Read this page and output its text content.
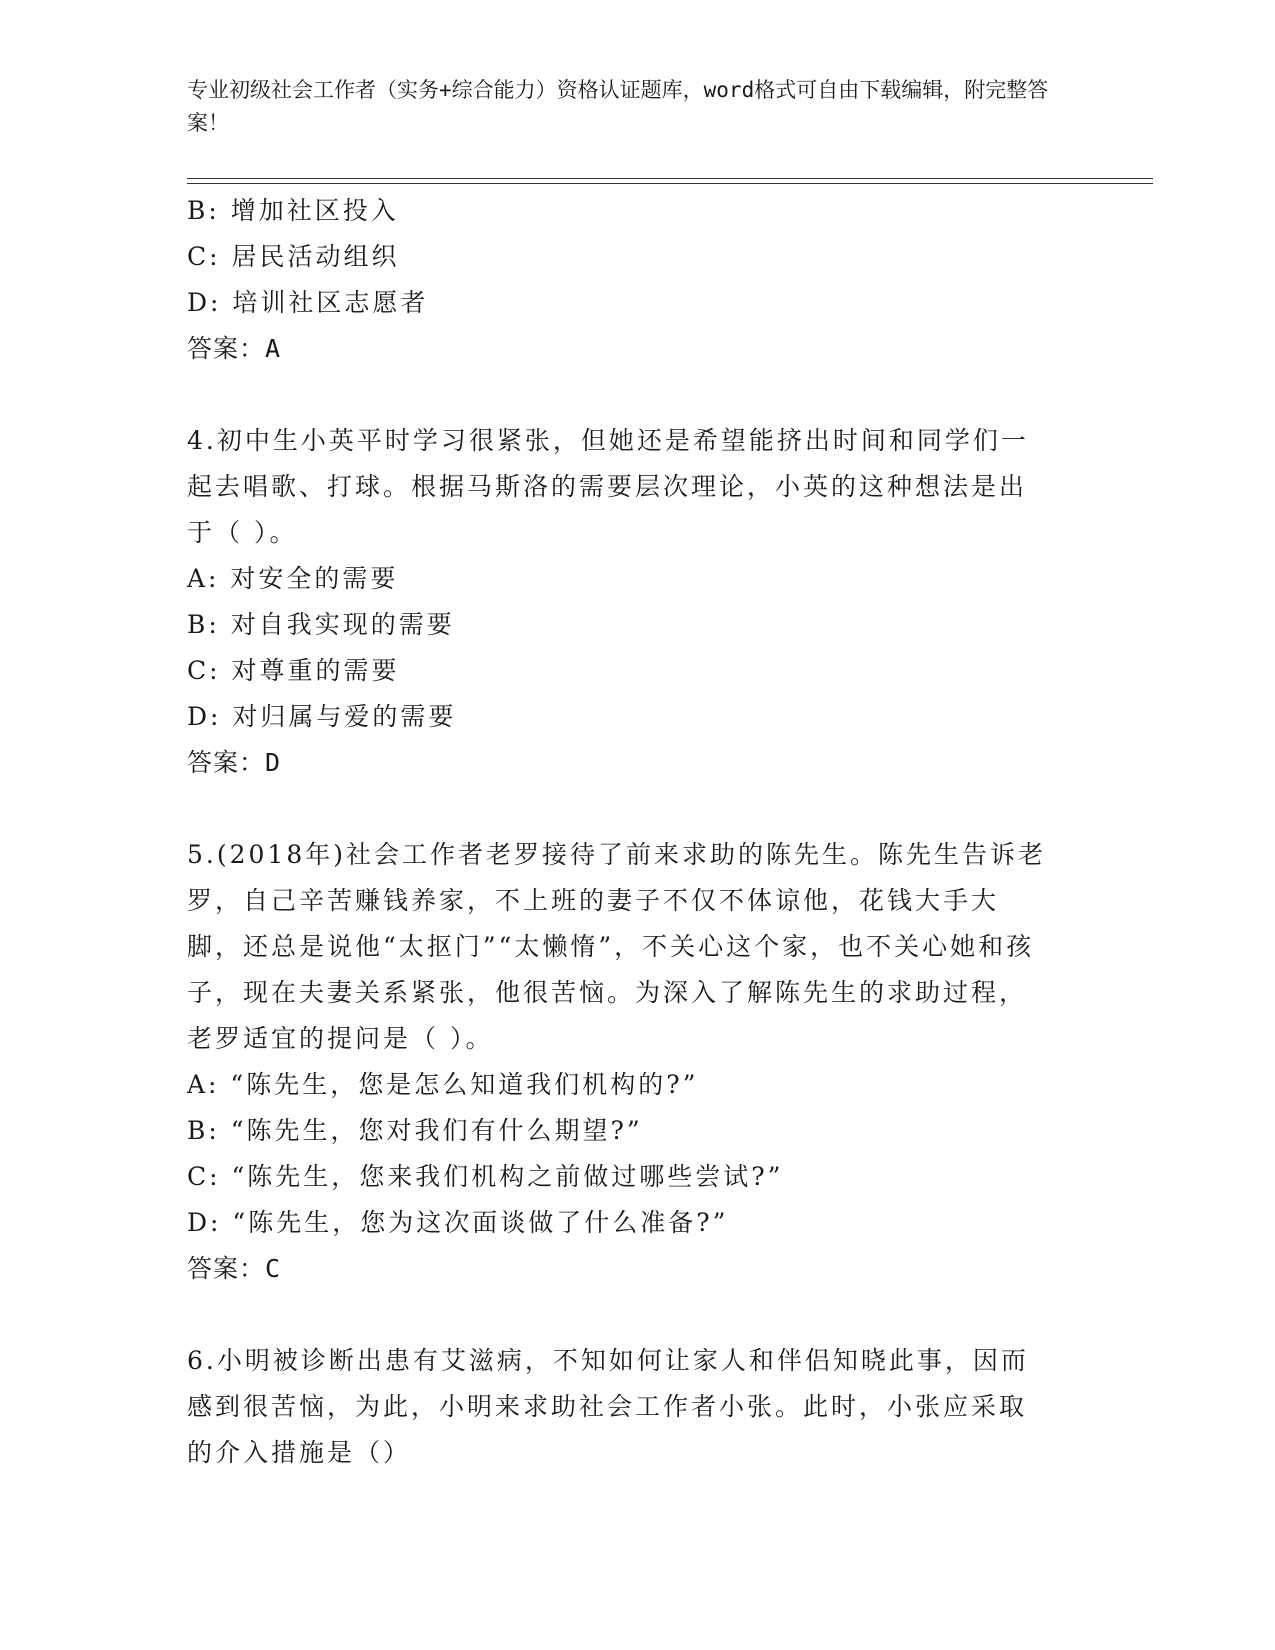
专业初级社会工作者（实务+综合能力）资格认证题库，word格式可自由下载编辑，附完整答案！
B: 增加社区投入
C: 居民活动组织
D: 培训社区志愿者
答案：A
4.初中生小英平时学习很紧张，但她还是希望能挤出时间和同学们一起去唱歌、打球。根据马斯洛的需要层次理论，小英的这种想法是出于（ ）。
A: 对安全的需要
B: 对自我实现的需要
C: 对尊重的需要
D: 对归属与爱的需要
答案：D
5.(2018年)社会工作者老罗接待了前来求助的陈先生。陈先生告诉老罗，自己辛苦赚钱养家，不上班的妻子不仅不体谅他，花钱大手大脚，还总是说他“太抠门”“太懒惰”，不关心这个家，也不关心她和孩子，现在夫妻关系紧张，他很苦恼。为深入了解陈先生的求助过程，老罗适宜的提问是（ ）。
A: “陈先生，您是怎么知道我们机构的?”
B: “陈先生，您对我们有什么期望?”
C: “陈先生，您来我们机构之前做过哪些尝试?”
D: “陈先生，您为这次面谈做了什么准备?”
答案：C
6.小明被诊断出患有艾滋病，不知如何让家人和伴侣知晓此事，因而感到很苦恼，为此，小明来求助社会工作者小张。此时，小张应采取的介入措施是（）
